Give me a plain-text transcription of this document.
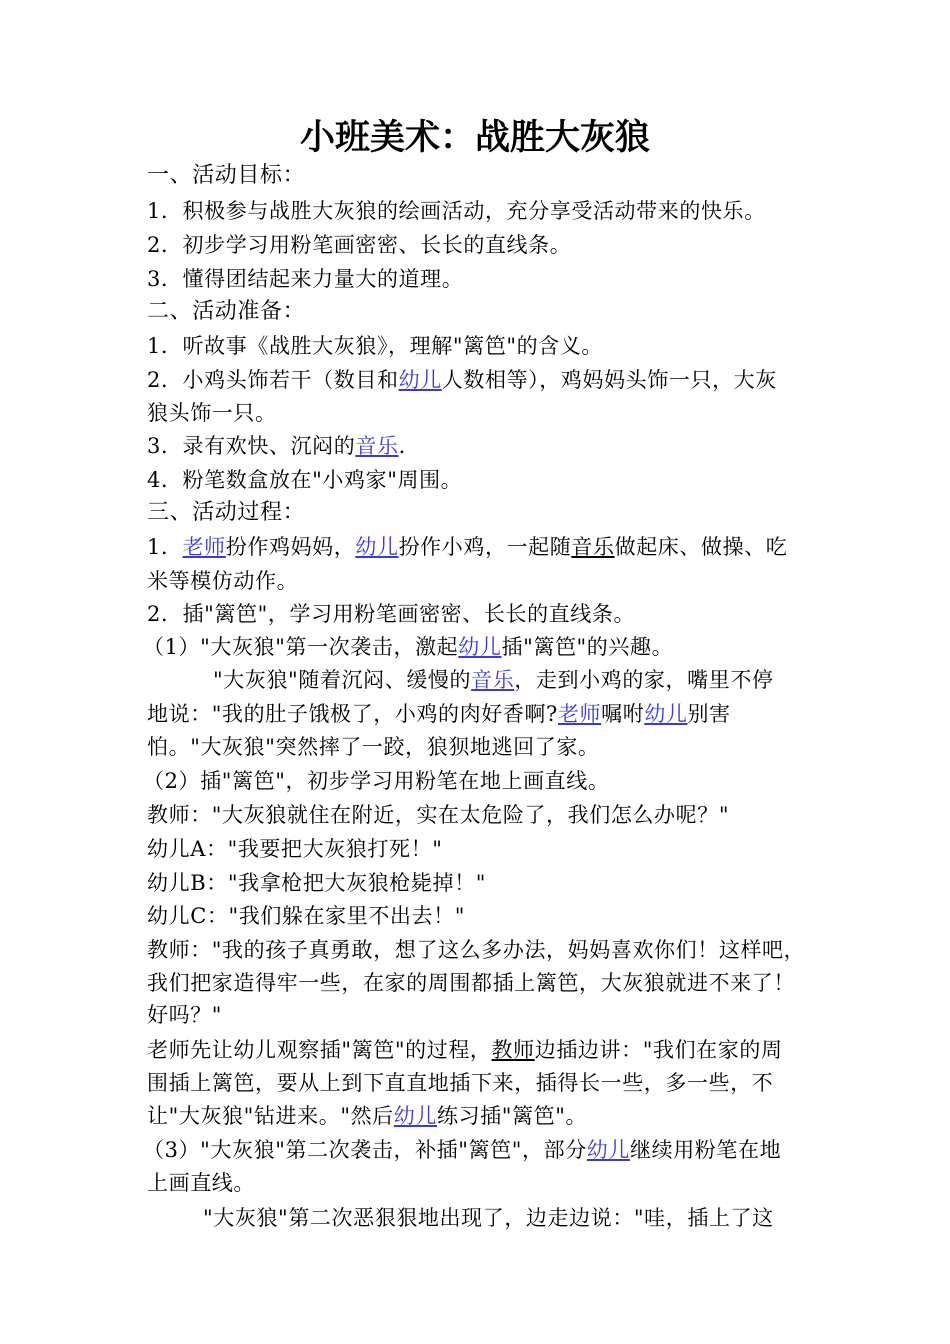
小班美术：战胜大灰狼
一、活动目标：
1．积极参与战胜大灰狼的绘画活动，充分享受活动带来的快乐。
2．初步学习用粉笔画密密、长长的直线条。
3．懂得团结起来力量大的道理。
二、活动准备：
1．听故事《战胜大灰狼》，理解"篱笆"的含义。
2．小鸡头饰若干（数目和幼儿人数相等），鸡妈妈头饰一只，大灰
狼头饰一只。
3．录有欢快、沉闷的音乐.
4．粉笔数盒放在"小鸡家"周围。
三、活动过程：
1．老师扮作鸡妈妈，幼儿扮作小鸡，一起随音乐做起床、做操、吃
米等模仿动作。
2．插"篱笆"，学习用粉笔画密密、长长的直线条。
（1）"大灰狼"第一次袭击，激起幼儿插"篱笆"的兴趣。
"大灰狼"随着沉闷、缓慢的音乐，走到小鸡的家，嘴里不停
地说："我的肚子饿极了，小鸡的肉好香啊?老师嘱咐幼儿别害
怕。"大灰狼"突然摔了一跤，狼狈地逃回了家。
（2）插"篱笆"，初步学习用粉笔在地上画直线。
教师："大灰狼就住在附近，实在太危险了，我们怎么办呢？"
幼儿A："我要把大灰狼打死！"
幼儿B："我拿枪把大灰狼枪毙掉！"
幼儿C："我们躲在家里不出去！"
教师："我的孩子真勇敢，想了这么多办法，妈妈喜欢你们！这样吧，
我们把家造得牢一些，在家的周围都插上篱笆，大灰狼就进不来了！
好吗？"
老师先让幼儿观察插"篱笆"的过程，教师边插边讲："我们在家的周
围插上篱笆，要从上到下直直地插下来，插得长一些，多一些，不
让"大灰狼"钻进来。"然后幼儿练习插"篱笆"。
（3）"大灰狼"第二次袭击，补插"篱笆"，部分幼儿继续用粉笔在地
上画直线。
"大灰狼"第二次恶狠狠地出现了，边走边说："哇，插上了这
